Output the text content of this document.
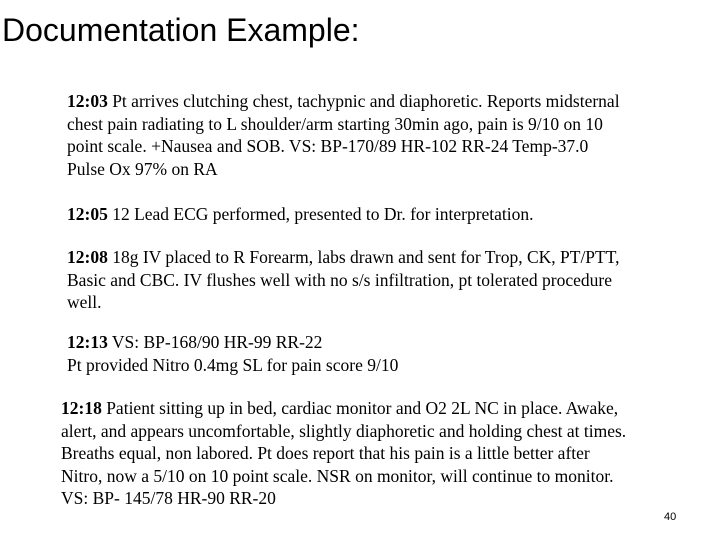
Documentation Example:
12:03 Pt arrives clutching chest, tachypnic and diaphoretic. Reports midsternal
chest pain radiating to L shoulder/arm starting 30min ago, pain is 9/10 on 10
point scale. +Nausea and SOB. VS: BP-170/89 HR-102 RR-24 Temp-37.0
Pulse Ox 97% on RA
12:05 12 Lead ECG performed, presented to Dr. for interpretation.
12:08 18g IV placed to R Forearm, labs drawn and sent for Trop, CK, PT/PTT,
Basic and CBC. IV flushes well with no s/s infiltration, pt tolerated procedure
well.
12:13 VS: BP-168/90 HR-99 RR-22
Pt provided Nitro 0.4mg SL for pain score 9/10
12:18 Patient sitting up in bed, cardiac monitor and O2 2L NC in place. Awake,
alert, and appears uncomfortable, slightly diaphoretic and holding chest at times.
Breaths equal, non labored. Pt does report that his pain is a little better after
Nitro, now a 5/10 on 10 point scale. NSR on monitor, will continue to monitor.
VS: BP- 145/78 HR-90 RR-20
40
